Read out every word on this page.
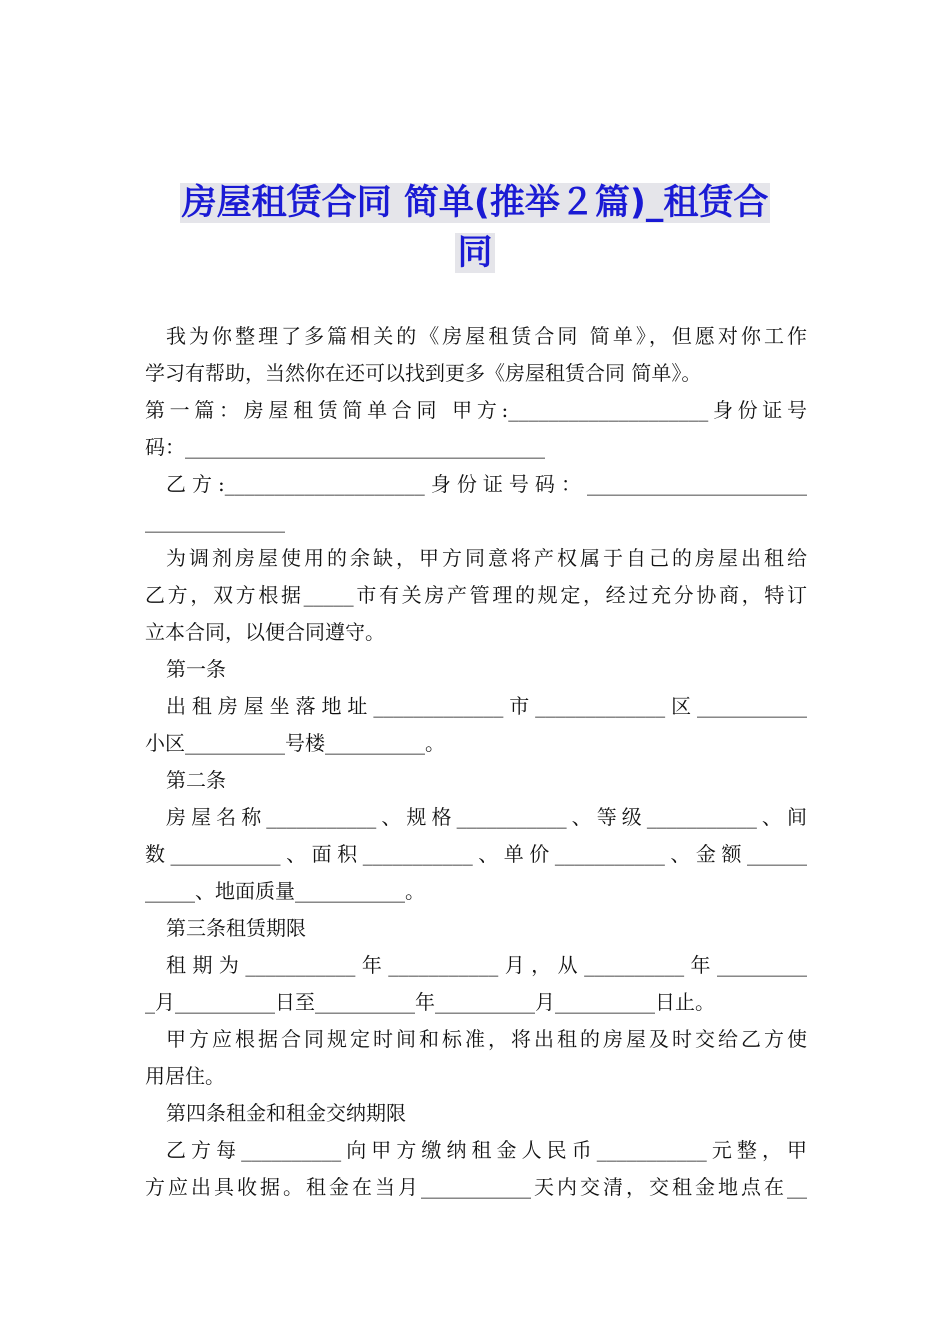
房屋租赁合同 简单(推举２篇)_租赁合
同

我为你整理了多篇相关的《房屋租赁合同 简单》，但愿对你工作

学习有帮助，当然你在还可以找到更多《房屋租赁合同 简单》。

第一篇：房屋租赁简单合同 甲方:____________________身份证号

码：____________________________________

乙方:____________________身份证号码：______________________

______________

为调剂房屋使用的余缺，甲方同意将产权属于自己的房屋出租给

乙方，双方根据_____市有关房产管理的规定，经过充分协商，特订

立本合同，以便合同遵守。

第一条

出租房屋坐落地址_____________市_____________区___________

小区__________号楼__________。

第二条

房屋名称___________、规格___________、等级___________、间

数___________、面积___________、单价___________、金额______

_____、地面质量___________。

第三条租赁期限

租期为___________年___________月，从__________年_________

_月__________日至__________年__________月__________日止。

甲方应根据合同规定时间和标准，将出租的房屋及时交给乙方使

用居住。

第四条租金和租金交纳期限

乙方每__________向甲方缴纳租金人民币___________元整，甲

方应出具收据。租金在当月___________天内交清，交租金地点在__
